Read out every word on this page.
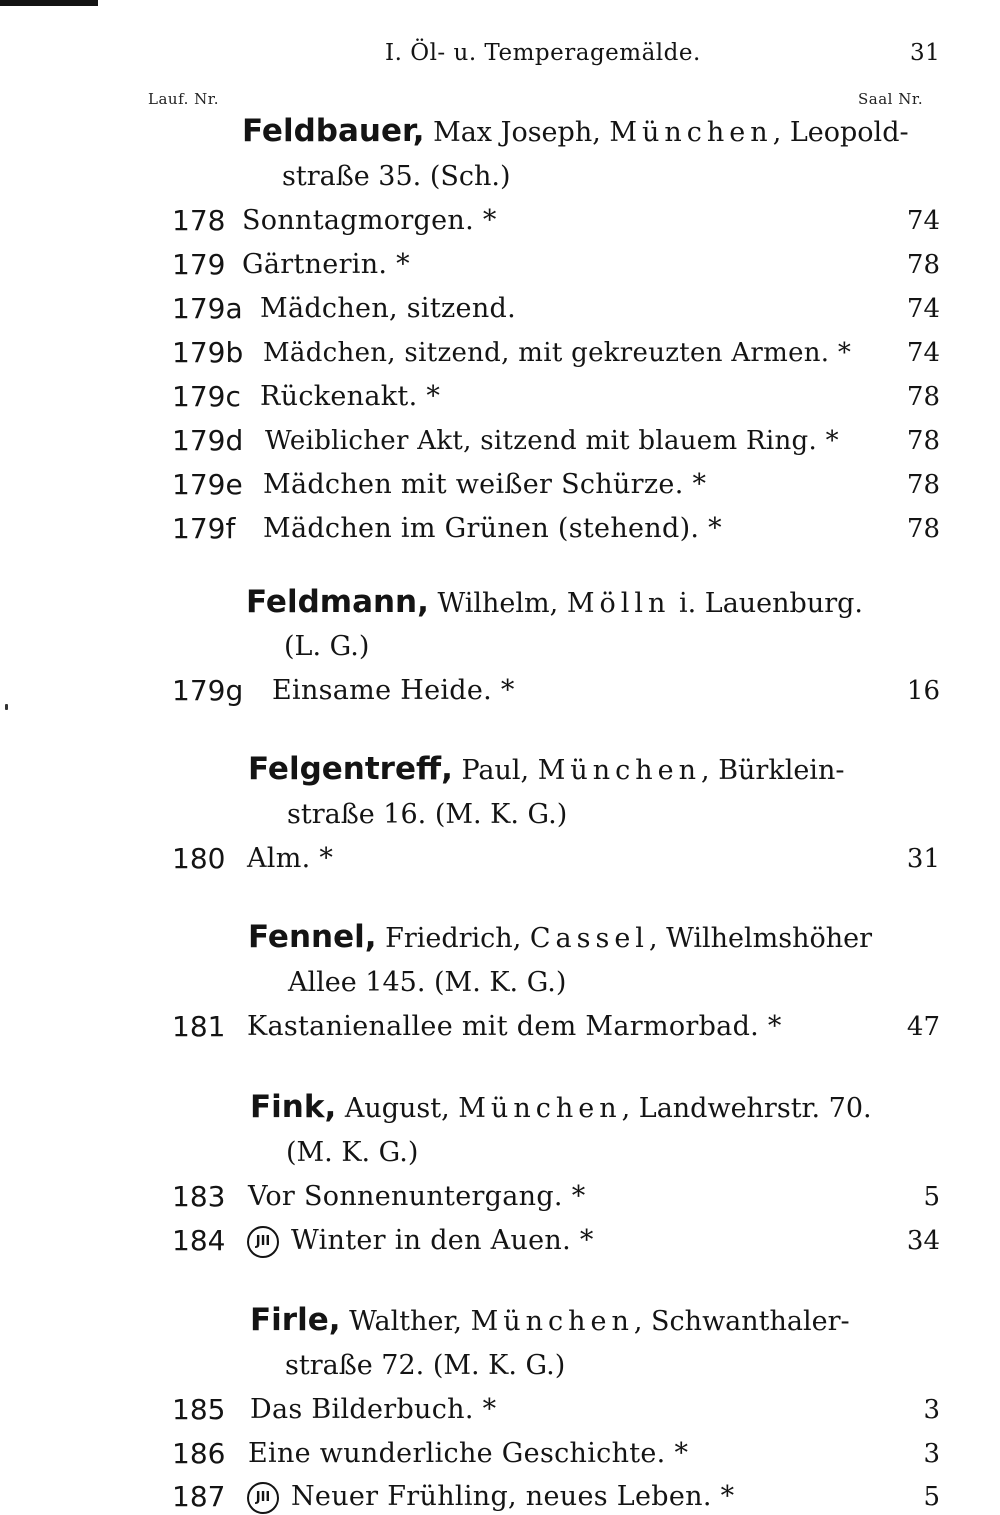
I. Öl- u. Temperagemälde.	31
Lauf. Nr.	Saal Nr.
Feldbauer, Max Joseph, München, Leopold-
straße 35. (Sch.)
178 Sonntagmorgen. *	74
179 Gärtnerin. *	78
179a Mädchen, sitzend.	74
179b Mädchen, sitzend, mit gekreuzten Armen. *	74
179c Rückenakt. *	78
179d Weiblicher Akt, sitzend mit blauem Ring. *	78
179e Mädchen mit weißer Schürze. *	78
179f	Mädchen im Grünen (stehend). *	78
Feldmann, Wilhelm, Mölln i. Lauenburg.
(L. G.)
179g	Einsame Heide. *	16
Felgentreff, Paul, München, Bürklein-
straße 16. (M. K. G.)
180 Alm. *	31
Fennel, Friedrich, Cassel, Wilhelmshöher
Allee 145. (M. K. G.)
181 Kastanienallee mit dem Marmorbad. *	47
Fink, August, München, Landwehrstr. 70.
(M. K. G.)
183 Vor Sonnenuntergang. *	5
184	JII Winter in den Auen. *	34
Firle, Walther, München, Schwanthaler-
straße 72. (M. K. G.)
185 Das Bilderbuch. *	3
186 Eine wunderliche Geschichte. *	3
187	JII Neuer Frühling, neues Leben. *	5
